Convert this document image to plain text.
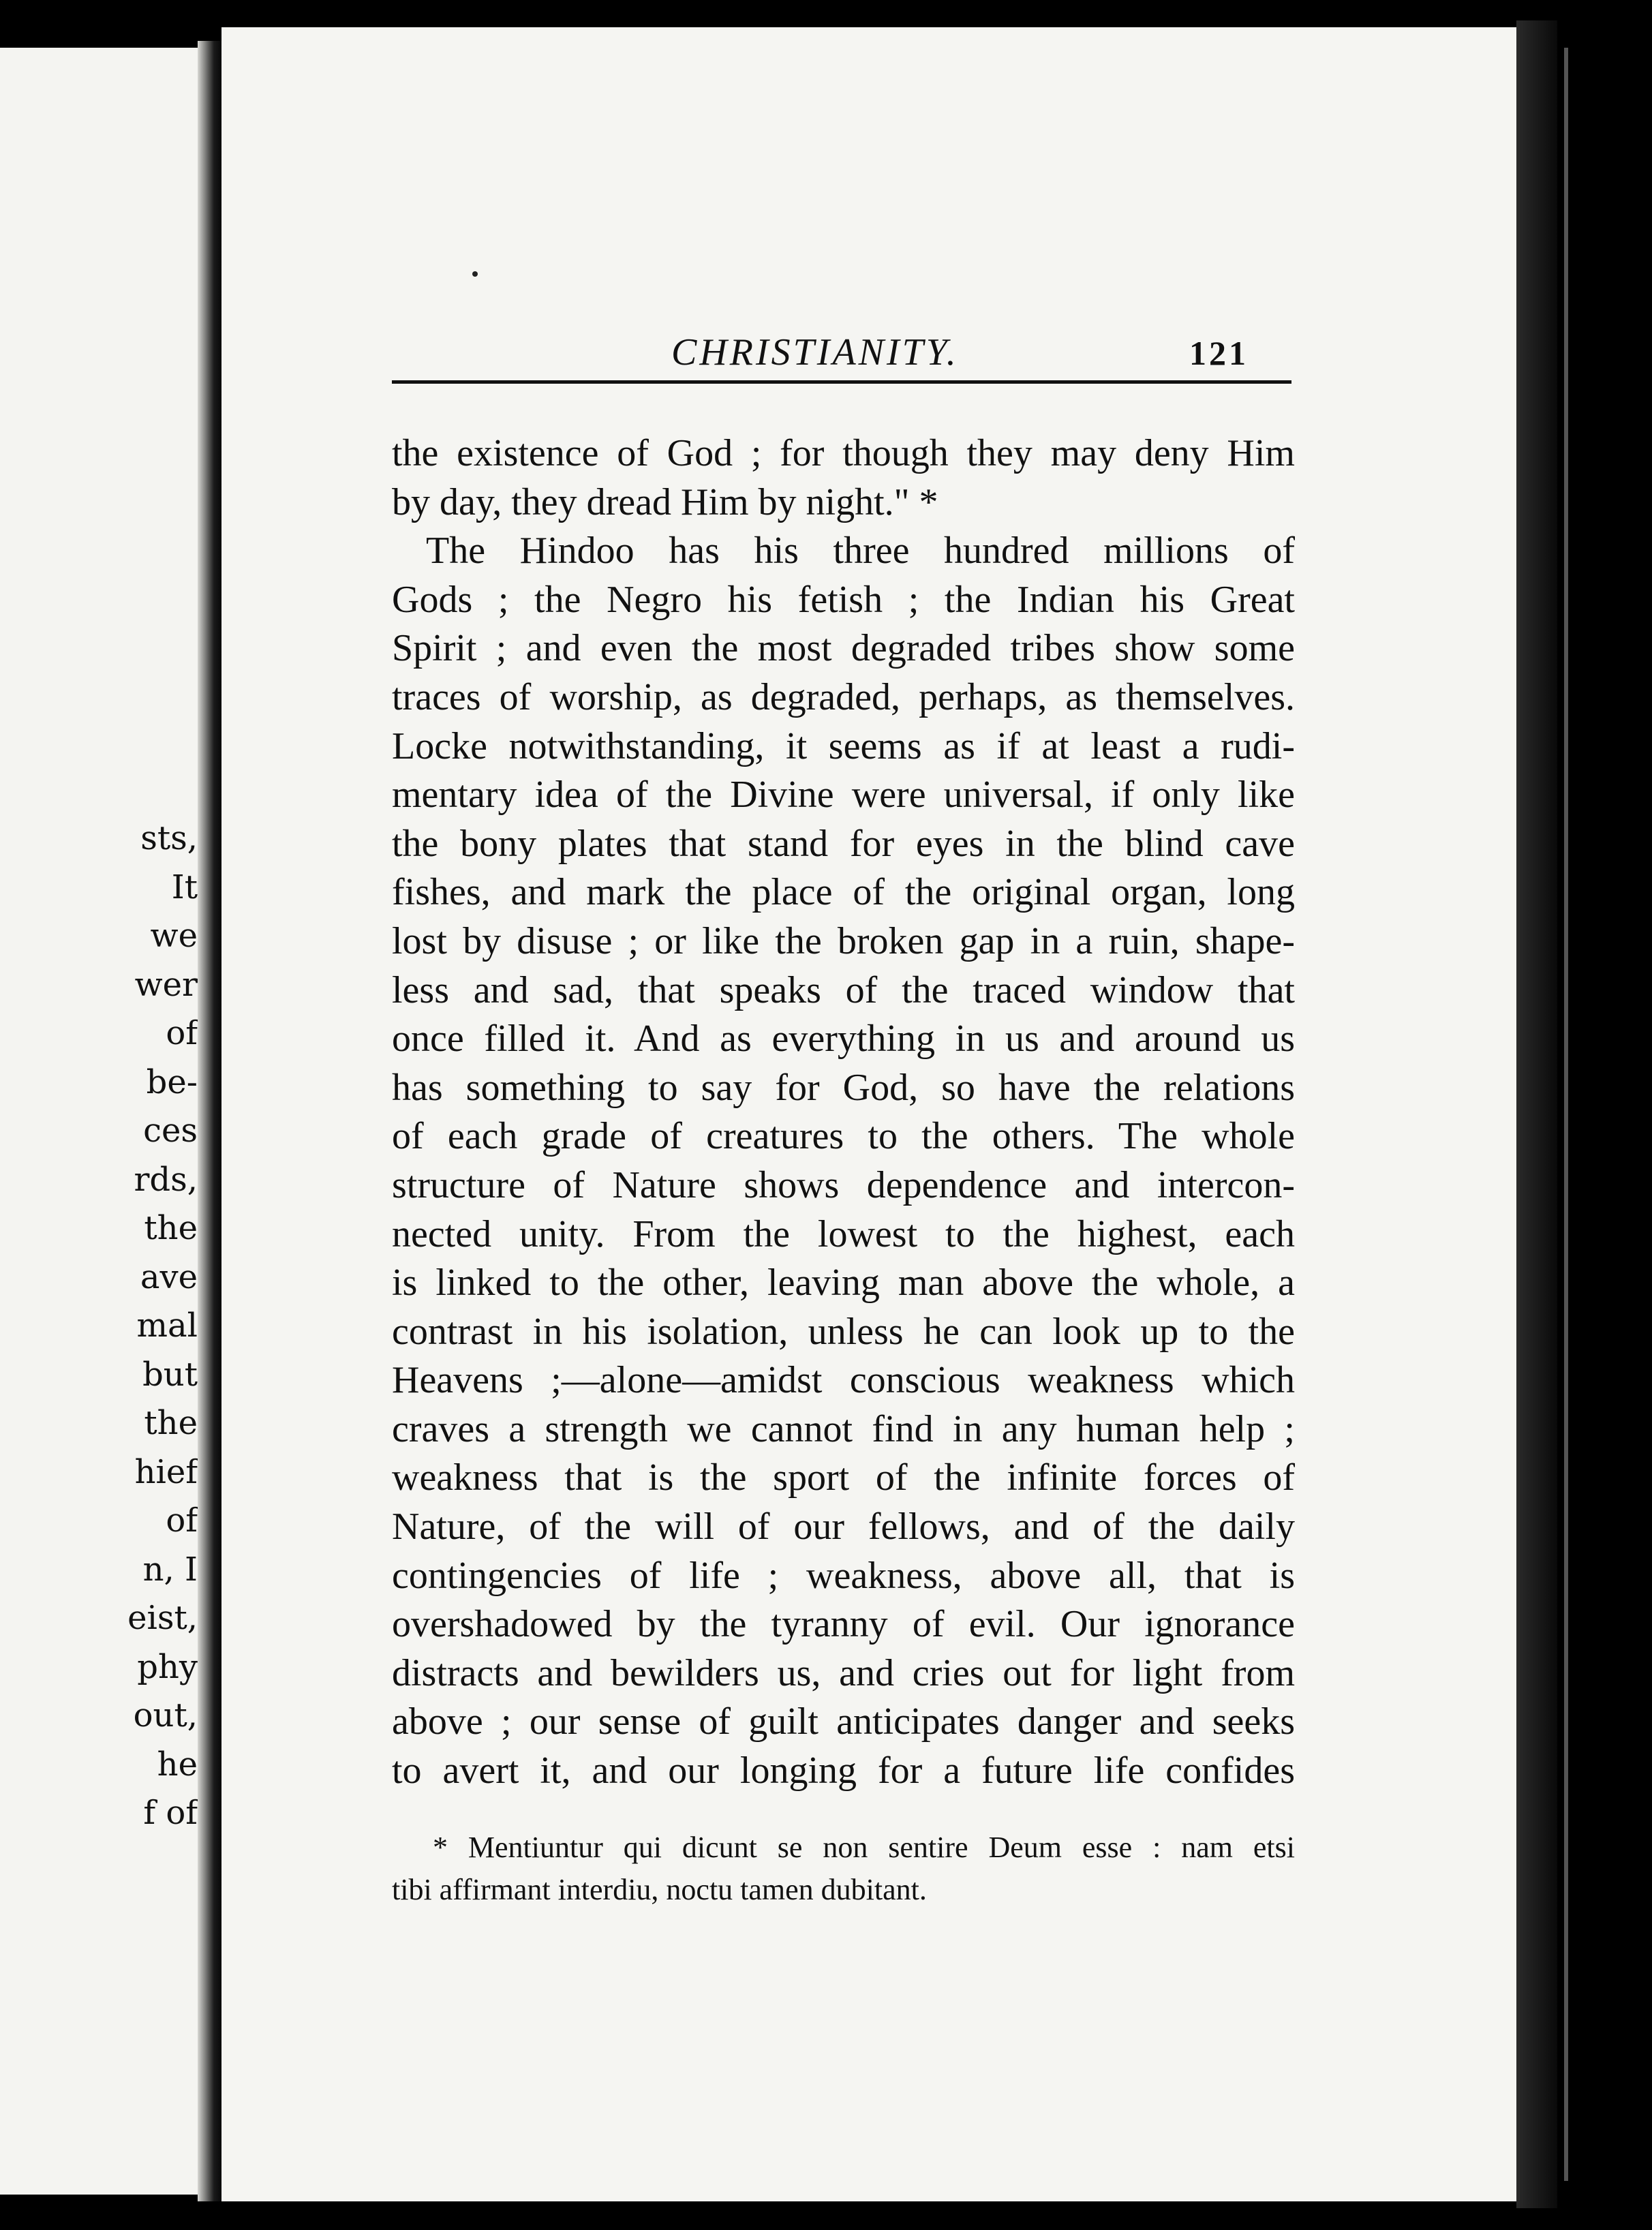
sts,
It
we
wer
of
be-
ces
rds,
the
ave
mal
but
the
hief
of
n, I
eist,
phy
out,
he
f of
CHRISTIANITY.	121
the existence of God ; for though they may deny Him
by day, they dread Him by night." *
The Hindoo has his three hundred millions of
Gods ; the Negro his fetish ; the Indian his Great
Spirit ; and even the most degraded tribes show some
traces of worship, as degraded, perhaps, as themselves.
Locke notwithstanding, it seems as if at least a rudi-
mentary idea of the Divine were universal, if only like
the bony plates that stand for eyes in the blind cave
fishes, and mark the place of the original organ, long
lost by disuse ; or like the broken gap in a ruin, shape-
less and sad, that speaks of the traced window that
once filled it. And as everything in us and around us
has something to say for God, so have the relations
of each grade of creatures to the others. The whole
structure of Nature shows dependence and intercon-
nected unity. From the lowest to the highest, each
is linked to the other, leaving man above the whole, a
contrast in his isolation, unless he can look up to the
Heavens ;—alone—amidst conscious weakness which
craves a strength we cannot find in any human help ;
weakness that is the sport of the infinite forces of
Nature, of the will of our fellows, and of the daily
contingencies of life ; weakness, above all, that is
overshadowed by the tyranny of evil. Our ignorance
distracts and bewilders us, and cries out for light from
above ; our sense of guilt anticipates danger and seeks
to avert it, and our longing for a future life confides
* Mentiuntur qui dicunt se non sentire Deum esse : nam etsi
tibi affirmant interdiu, noctu tamen dubitant.
